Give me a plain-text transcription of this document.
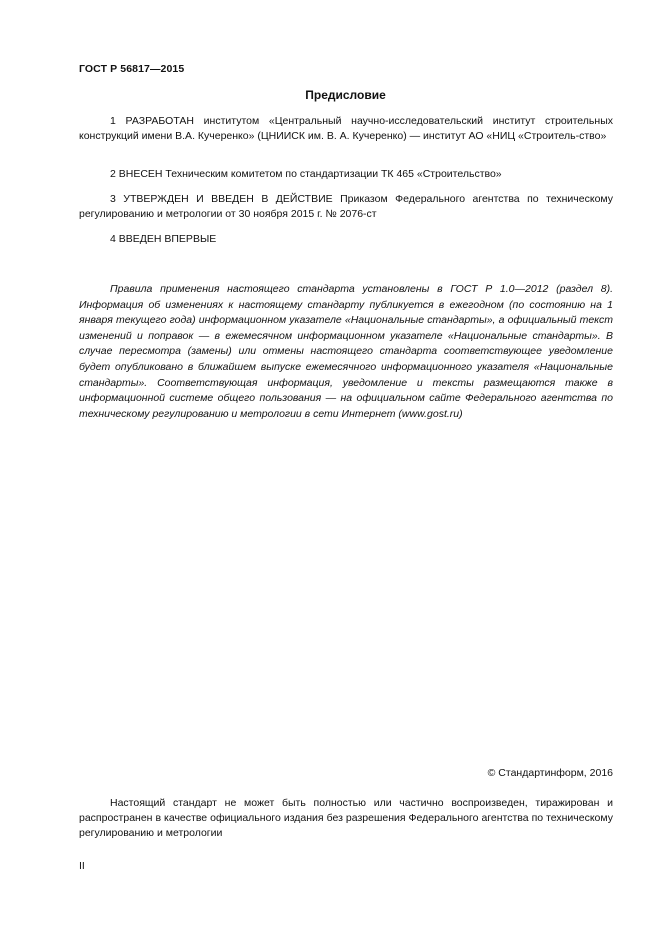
ГОСТ Р 56817—2015
Предисловие

1 РАЗРАБОТАН институтом «Центральный научно-исследовательский институт строительных конструкций имени В.А. Кучеренко» (ЦНИИСК им. В. А. Кучеренко) — институт АО «НИЦ «Строитель-ство»

2 ВНЕСЕН Техническим комитетом по стандартизации ТК 465 «Строительство»

3 УТВЕРЖДЕН И ВВЕДЕН В ДЕЙСТВИЕ Приказом Федерального агентства по техническому регулированию и метрологии от 30 ноября 2015 г. № 2076-ст

4 ВВЕДЕН ВПЕРВЫЕ

Правила применения настоящего стандарта установлены в ГОСТ Р 1.0—2012 (раздел 8). Информация об изменениях к настоящему стандарту публикуется в ежегодном (по состоянию на 1 января текущего года) информационном указателе «Национальные стандарты», а официальный текст изменений и поправок — в ежемесячном информационном указателе «Национальные стандарты». В случае пересмотра (замены) или отмены настоящего стандарта соответствующее уведомление будет опубликовано в ближайшем выпуске ежемесячного информационного указателя «Национальные стандарты». Соответствующая информация, уведомление и тексты размещаются также в информационной системе общего пользования — на официальном сайте Федерального агентства по техническому регулированию и метрологии в сети Интернет (www.gost.ru)

© Стандартинформ, 2016

Настоящий стандарт не может быть полностью или частично воспроизведен, тиражирован и распространен в качестве официального издания без разрешения Федерального агентства по техническому регулированию и метрологии

II
